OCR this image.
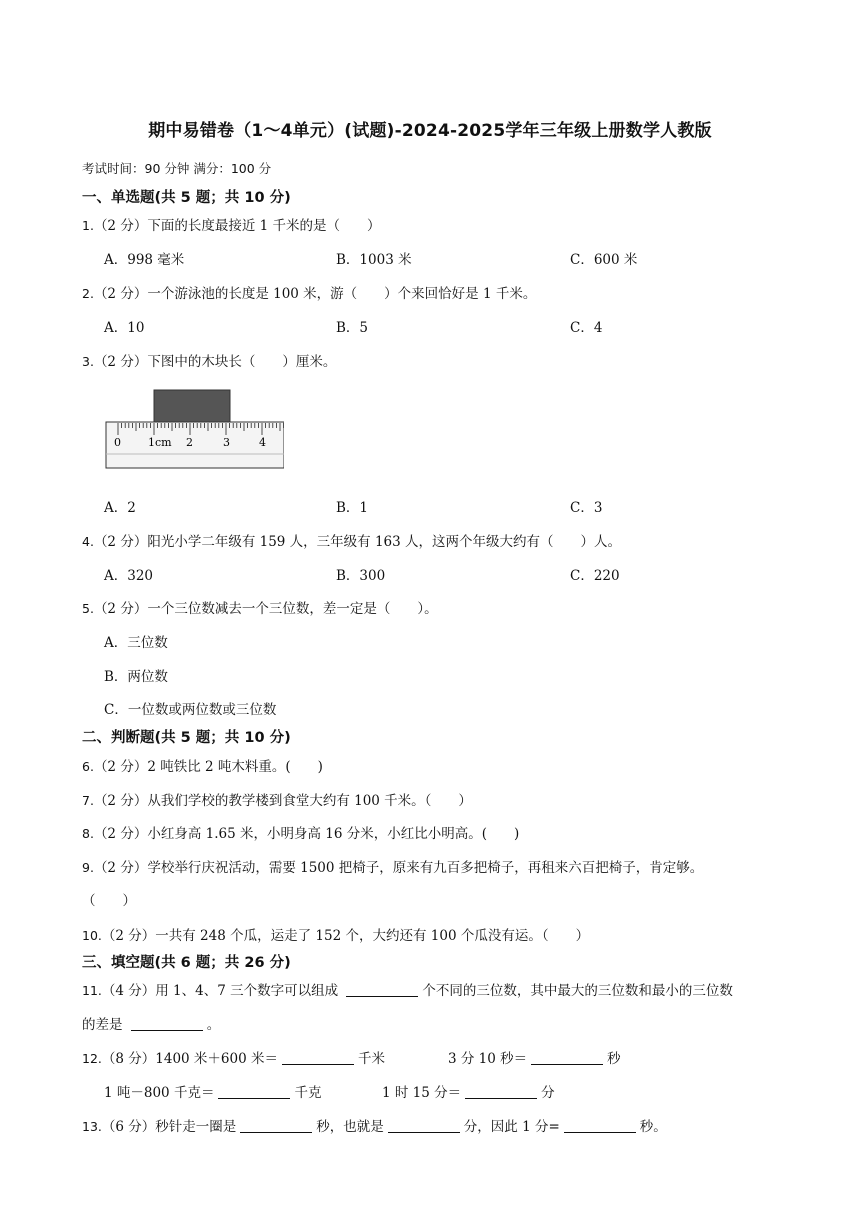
期中易错卷（1～4单元）(试题)-2024-2025学年三年级上册数学人教版
考试时间：90 分钟 满分：100 分
一、单选题(共 5 题；共 10 分)
1.（2 分）下面的长度最接近 1 千米的是（　　）
A．998 毫米	B．1003 米	C．600 米
2.（2 分）一个游泳池的长度是 100 米，游（　　）个来回恰好是 1 千米。
A．10	B．5	C．4
3.（2 分）下图中的木块长（　　）厘米。
0 1cm 2	3	4
A．2	B．1	C．3
4.（2 分）阳光小学二年级有 159 人，三年级有 163 人，这两个年级大约有（　　）人。
A．320	B．300	C．220
5.（2 分）一个三位数减去一个三位数，差一定是（　　）。
A．三位数
B．两位数
C．一位数或两位数或三位数
二、判断题(共 5 题；共 10 分)
6.（2 分）2 吨铁比 2 吨木料重。(　　)
7.（2 分）从我们学校的教学楼到食堂大约有 100 千米。（　　）
8.（2 分）小红身高 1.65 米，小明身高 16 分米，小红比小明高。(　　)
9.（2 分）学校举行庆祝活动，需要 1500 把椅子，原来有九百多把椅子，再租来六百把椅子，肯定够。
（　　）
10.（2 分）一共有 248 个瓜，运走了 152 个，大约还有 100 个瓜没有运。（　　）
三、填空题(共 6 题；共 26 分)
11.（4 分）用 1、4、7 三个数字可以组成	个不同的三位数，其中最大的三位数和最小的三位数
的差是	。
12.（8 分）1400 米＋600 米＝	千米	3 分 10 秒＝	秒
1 吨－800 千克＝	千克	1 时 15 分＝	分
13.（6 分）秒针走一圈是	秒，也就是	分，因此 1 分=	秒。
